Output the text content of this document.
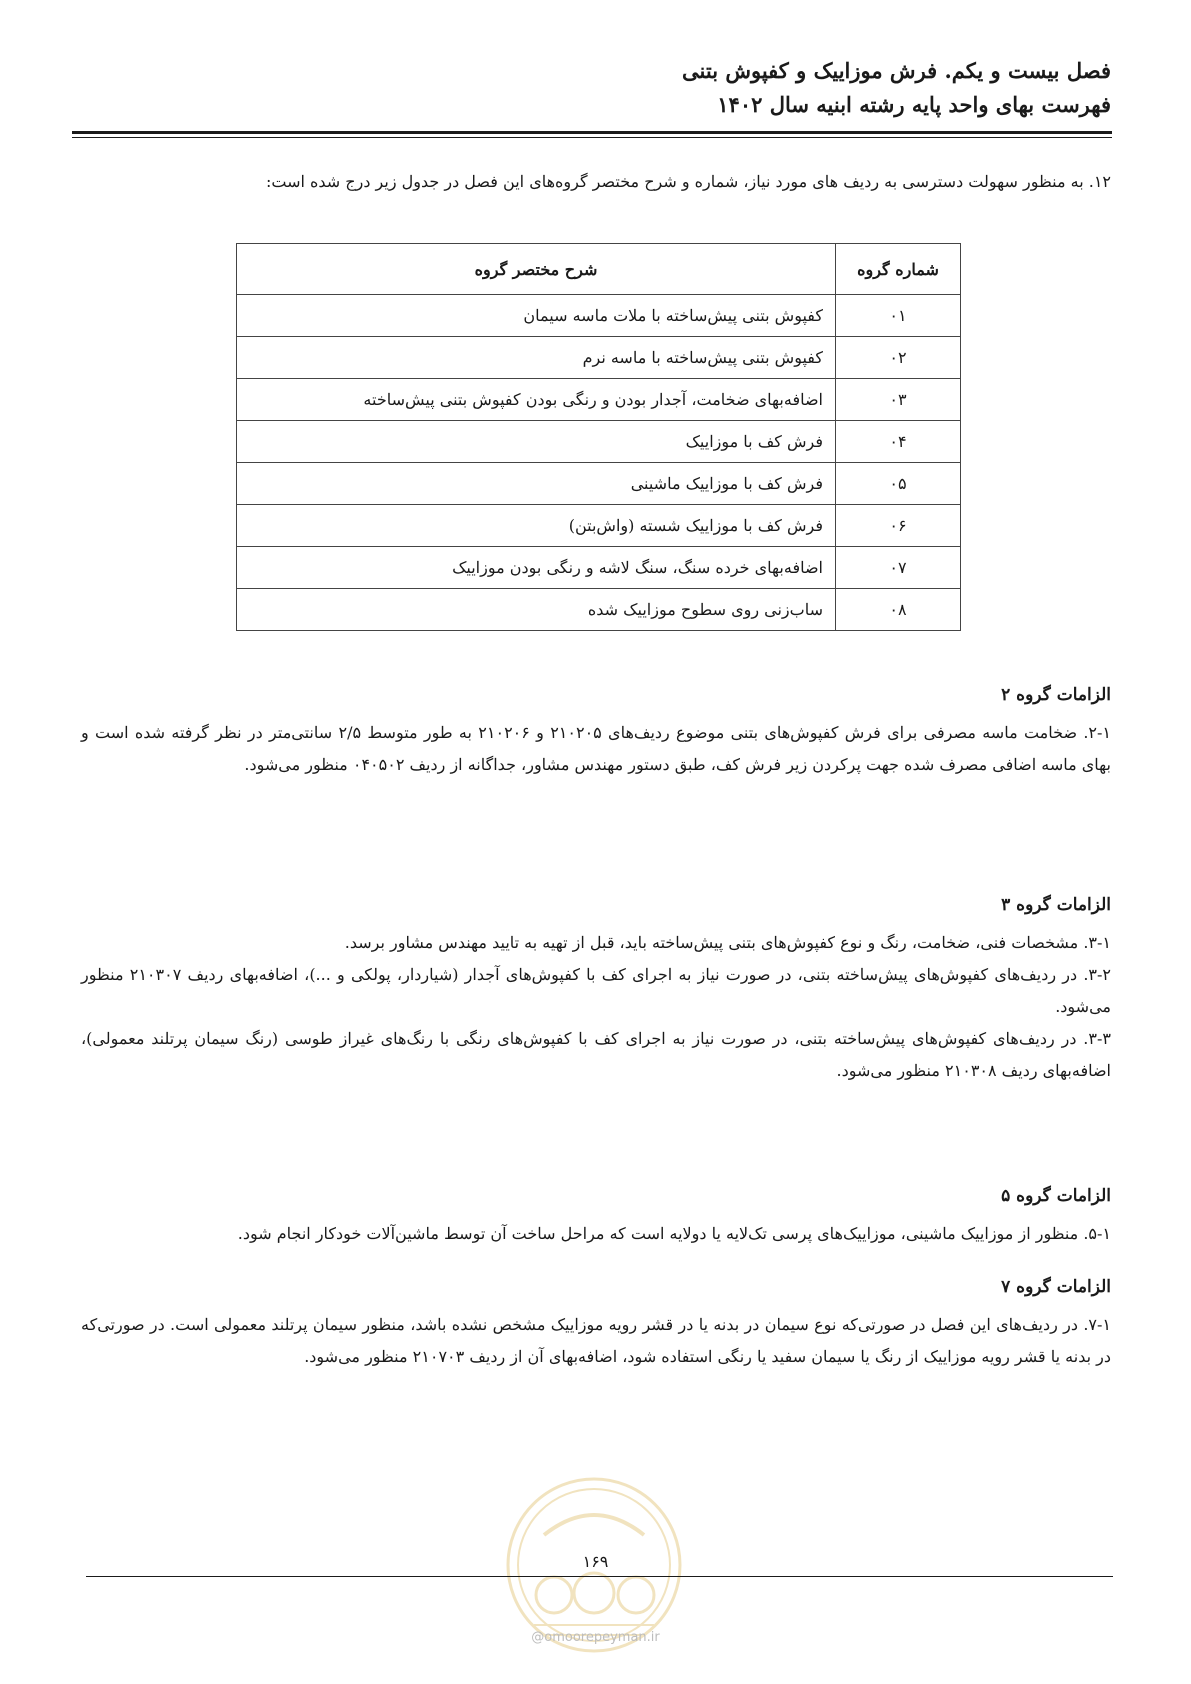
فصل بیست و یکم. فرش موزاییک و کفپوش بتنی
فهرست بهای واحد پایه رشته ابنیه سال ۱۴۰۲
۱۲. به منظور سهولت دسترسی به ردیف های مورد نیاز، شماره و شرح مختصر گروه‌های این فصل در جدول زیر درج شده است:
شماره گروه	شرح مختصر گروه
۰۱	کفپوش بتنی پیش‌ساخته با ملات ماسه سیمان
۰۲	کفپوش بتنی پیش‌ساخته با ماسه نرم
۰۳	اضافه‌بهای ضخامت، آجدار بودن و رنگی بودن کفپوش بتنی پیش‌ساخته
۰۴	فرش کف با موزاییک
۰۵	فرش کف با موزاییک ماشینی
۰۶	فرش کف با موزاییک شسته (واش‌بتن)
۰۷	اضافه‌بهای خرده سنگ، سنگ لاشه و رنگی بودن موزاییک
۰۸	ساب‌زنی روی سطوح موزاییک شده
الزامات گروه ۲

۲-۱. ضخامت ماسه مصرفی برای فرش کفپوش‌های بتنی موضوع ردیف‌های ۲۱۰۲۰۵ و ۲۱۰۲۰۶ به طور متوسط ۲/۵ سانتی‌متر در نظر گرفته شده است و بهای ماسه اضافی مصرف شده جهت پرکردن زیر فرش کف، طبق دستور مهندس مشاور، جداگانه از ردیف ۰۴۰۵۰۲ منظور می‌شود.

الزامات گروه ۳

۳-۱. مشخصات فنی، ضخامت، رنگ و نوع کفپوش‌های بتنی پیش‌ساخته باید، قبل از تهیه به تایید مهندس مشاور برسد.

۳-۲. در ردیف‌های کفپوش‌های پیش‌ساخته بتنی، در صورت نیاز به اجرای کف با کفپوش‌های آجدار (شیاردار، پولکی و ...)، اضافه‌بهای ردیف ۲۱۰۳۰۷ منظور می‌شود.

۳-۳. در ردیف‌های کفپوش‌های پیش‌ساخته بتنی، در صورت نیاز به اجرای کف با کفپوش‌های رنگی با رنگ‌های غیراز طوسی (رنگ سیمان پرتلند معمولی)، اضافه‌بهای ردیف ۲۱۰۳۰۸ منظور می‌شود.

الزامات گروه ۵

۵-۱. منظور از موزاییک ماشینی، موزاییک‌های پرسی تک‌لایه یا دولایه است که مراحل ساخت آن توسط ماشین‌آلات خودکار انجام شود.

الزامات گروه ۷

۷-۱. در ردیف‌های این فصل در صورتی‌که نوع سیمان در بدنه یا در قشر رویه موزاییک مشخص نشده باشد، منظور سیمان پرتلند معمولی است. در صورتی‌که در بدنه یا قشر رویه موزاییک از رنگ یا سیمان سفید یا رنگی استفاده شود، اضافه‌بهای آن از ردیف ۲۱۰۷۰۳ منظور می‌شود.

۱۶۹
@omoorepeyman.ir
